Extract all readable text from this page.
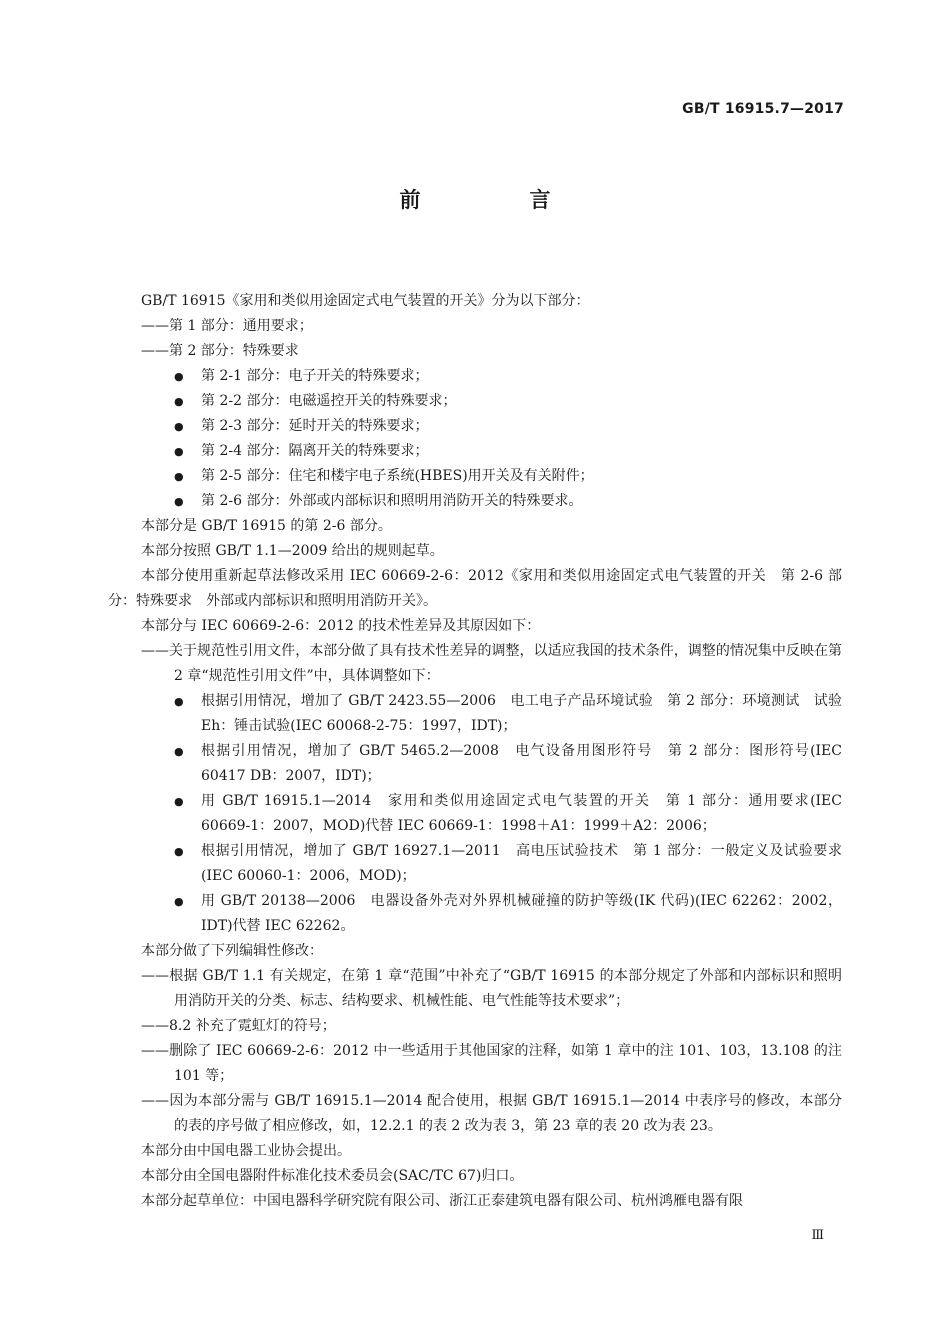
GB/T 16915.7—2017
前　言

GB/T 16915《家用和类似用途固定式电气装置的开关》分为以下部分：

——第 1 部分：通用要求；

——第 2 部分：特殊要求

● 第 2-1 部分：电子开关的特殊要求；

● 第 2-2 部分：电磁遥控开关的特殊要求；

● 第 2-3 部分：延时开关的特殊要求；

● 第 2-4 部分：隔离开关的特殊要求；

● 第 2-5 部分：住宅和楼宇电子系统(HBES)用开关及有关附件；

● 第 2-6 部分：外部或内部标识和照明用消防开关的特殊要求。

本部分是 GB/T 16915 的第 2-6 部分。

本部分按照 GB/T 1.1—2009 给出的规则起草。

本部分使用重新起草法修改采用 IEC 60669-2-6：2012《家用和类似用途固定式电气装置的开关　第 2-6 部分：特殊要求　外部或内部标识和照明用消防开关》。

本部分与 IEC 60669-2-6：2012 的技术性差异及其原因如下：

——关于规范性引用文件，本部分做了具有技术性差异的调整，以适应我国的技术条件，调整的情况集中反映在第 2 章“规范性引用文件”中，具体调整如下：

● 根据引用情况，增加了 GB/T 2423.55—2006　电工电子产品环境试验　第 2 部分：环境测试　试验 Eh：锤击试验(IEC 60068-2-75：1997，IDT)；

● 根据引用情况，增加了 GB/T 5465.2—2008　电气设备用图形符号　第 2 部分：图形符号(IEC 60417 DB：2007，IDT)；

● 用 GB/T 16915.1—2014　家用和类似用途固定式电气装置的开关　第 1 部分：通用要求(IEC 60669-1：2007，MOD)代替 IEC 60669-1：1998＋A1：1999＋A2：2006；

● 根据引用情况，增加了 GB/T 16927.1—2011　高电压试验技术　第 1 部分：一般定义及试验要求(IEC 60060-1：2006，MOD)；

● 用 GB/T 20138—2006　电器设备外壳对外界机械碰撞的防护等级(IK 代码)(IEC 62262：2002，IDT)代替 IEC 62262。

本部分做了下列编辑性修改：

——根据 GB/T 1.1 有关规定，在第 1 章“范围”中补充了“GB/T 16915 的本部分规定了外部和内部标识和照明用消防开关的分类、标志、结构要求、机械性能、电气性能等技术要求”；

——8.2 补充了霓虹灯的符号；

——删除了 IEC 60669-2-6：2012 中一些适用于其他国家的注释，如第 1 章中的注 101、103，13.108 的注 101 等；

——因为本部分需与 GB/T 16915.1—2014 配合使用，根据 GB/T 16915.1—2014 中表序号的修改，本部分的表的序号做了相应修改，如，12.2.1 的表 2 改为表 3，第 23 章的表 20 改为表 23。

本部分由中国电器工业协会提出。

本部分由全国电器附件标准化技术委员会(SAC/TC 67)归口。

本部分起草单位：中国电器科学研究院有限公司、浙江正泰建筑电器有限公司、杭州鸿雁电器有限

Ⅲ
